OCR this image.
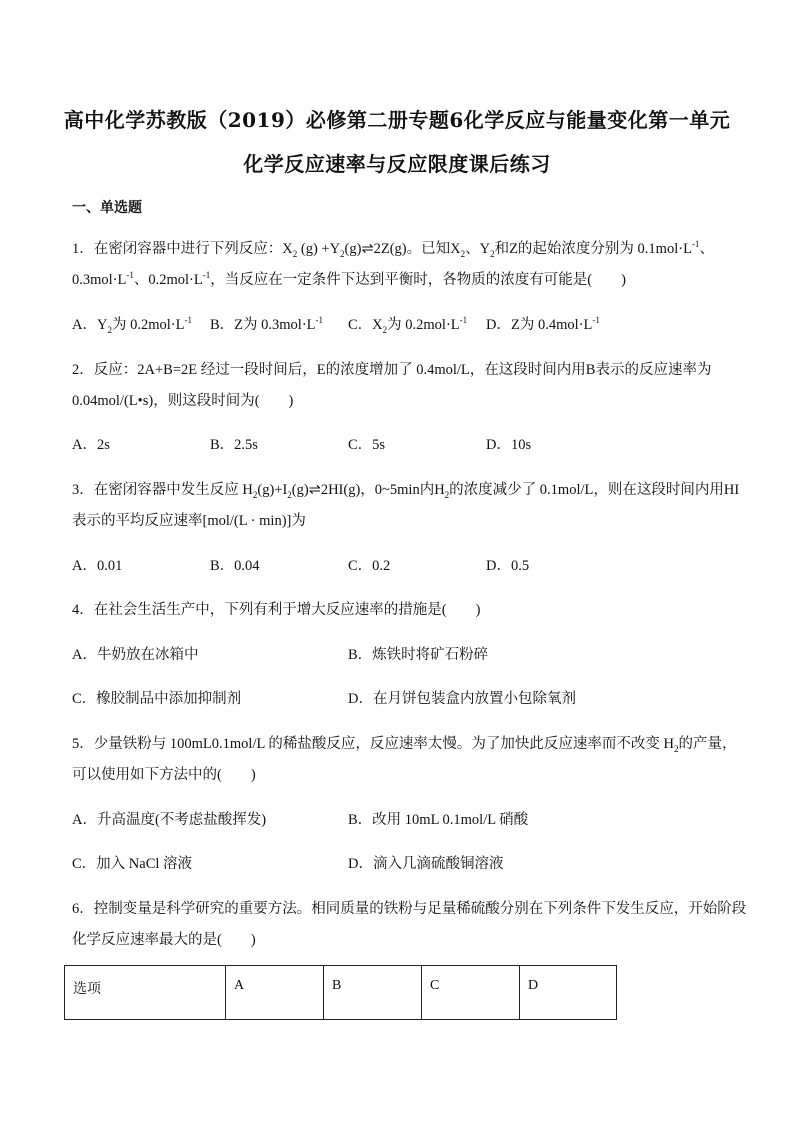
高中化学苏教版（2019）必修第二册专题6化学反应与能量变化第一单元
化学反应速率与反应限度课后练习
一、单选题
1．在密闭容器中进行下列反应：$X_2$ $(g) +Y_2(g)\rightleftharpoons 2Z(g)$。已知$X_2$、$Y_2$和Z的起始浓度分别为 $0.1mol\cdot L^{-1}$、
$0.3mol\cdot L^{-1}$、$0.2mol\cdot L^{-1}$，当反应在一定条件下达到平衡时，各物质的浓度有可能是(　　)
A．$Y_2$为 $0.2mol\cdot L^{-1}$ B．Z为 $0.3mol\cdot L^{-1}$ C．$X_2$为 $0.2mol\cdot L^{-1}$ D．Z为 $0.4mol\cdot L^{-1}$
2．反应：2A+B=2E 经过一段时间后，E的浓度增加了 0.4mol/L，在这段时间内用B表示的反应速率为
0.04mol/(L•s)，则这段时间为(　　)
A．2s	B．2.5s	C．5s	D．10s
3．在密闭容器中发生反应 $H_2(g)+I_2(g)\rightleftharpoons 2HI(g)$，0~5min内$H_2$的浓度减少了 0.1mol/L，则在这段时间内用HI
表示的平均反应速率[mol/(L · min)]为
A．0.01	B．0.04	C．0.2	D．0.5
4．在社会生活生产中，下列有利于增大反应速率的措施是(　　)
A．牛奶放在冰箱中	B．炼铁时将矿石粉碎
C．橡胶制品中添加抑制剂	D．在月饼包装盒内放置小包除氧剂
5．少量铁粉与 100mL0.1mol/L 的稀盐酸反应，反应速率太慢。为了加快此反应速率而不改变 $H_2$的产量，
可以使用如下方法中的(　　)
A．升高温度(不考虑盐酸挥发)	B．改用 10mL 0.1mol/L 硝酸
C．加入 NaCl 溶液	D．滴入几滴硫酸铜溶液
6．控制变量是科学研究的重要方法。相同质量的铁粉与足量稀硫酸分别在下列条件下发生反应，开始阶段
化学反应速率最大的是(　　)
选项	A	B	C	D
